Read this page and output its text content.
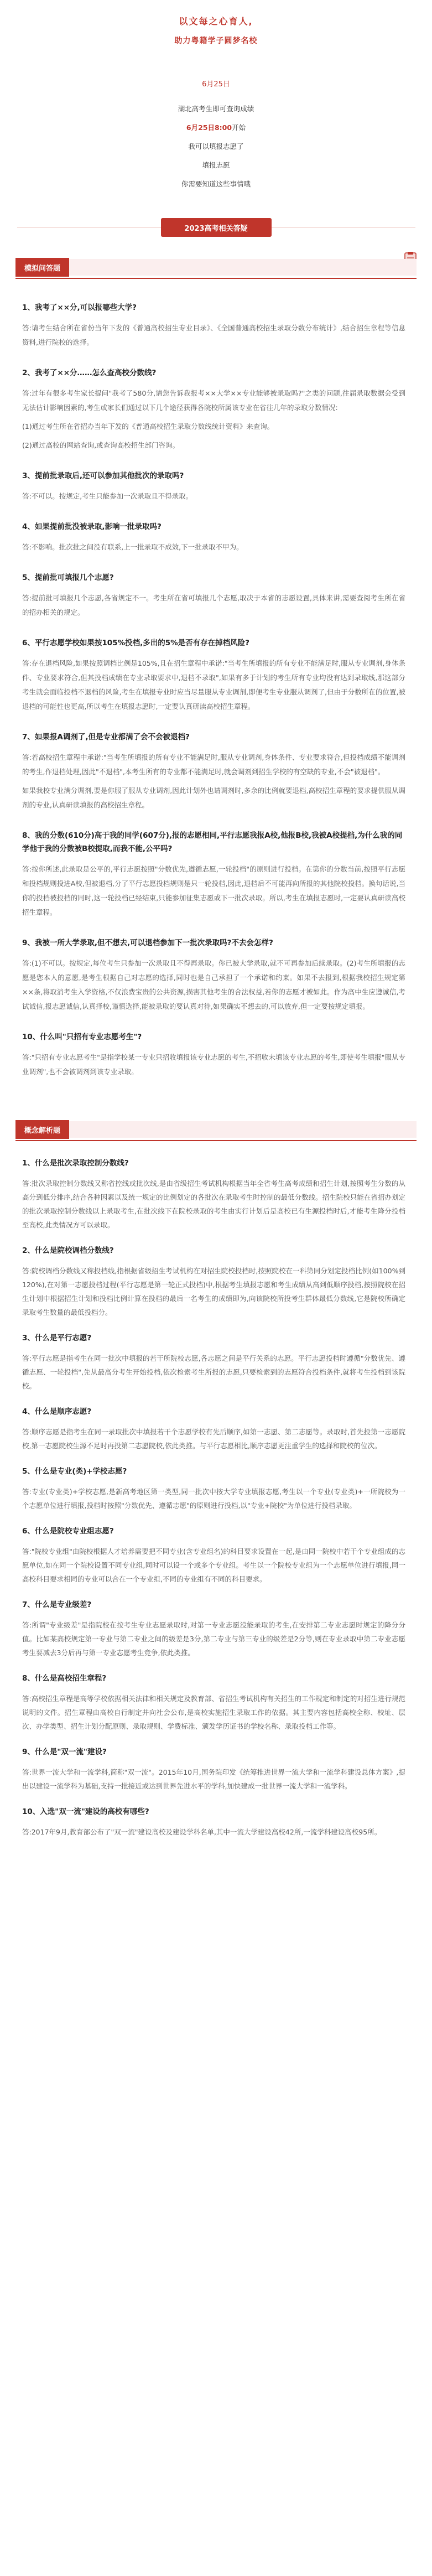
以文每之心育人,
助力粤籍学子圆梦名校
6月25日

湖北高考生即可查询成绩

6月25日8:00开始

我可以填报志愿了

填报志愿

你需要知道这些事情哦

2023高考相关答疑
模拟问答题
1、我考了××分,可以报哪些大学?
答:请考生结合所在省份当年下发的《普通高校招生专业目录》、《全国普通高校招生录取分数分布统计》,结合招生章程等信息资料,进行院校的选择。
2、我考了××分……怎么查高校分数线?
答:过年有很多考生家长提问"我考了580分,请您告诉我报考××大学××专业能够被录取吗?"之类的问题,往届录取数据会受到无法估计影响因素的,考生或家长们通过以下几个途径获得各院校所属该专业在省往几年的录取分数情况:
(1)通过考生所在省招办当年下发的《普通高校招生录取分数线统计资料》来查询。
(2)通过高校的网站查询,或查询高校招生部门咨询。
3、提前批录取后,还可以参加其他批次的录取吗?
答:不可以。按规定,考生只能参加一次录取且不得录取。
4、如果提前批没被录取,影响一批录取吗?
答:不影响。批次批之间没有联系,上一批录取不成效,下一批录取不甲为。
5、提前批可填报几个志愿?
答:提前批可填报几个志愿,各省规定不一。考生所在省可填报几个志愿,取决于本省的志愿设置,具体来讲,需要查阅考生所在省的招办相关的规定。
6、平行志愿学校如果按105%投档,多出的5%是否有存在掉档风险?
答:存在退档风险,如果按照调档比例是105%,且在招生章程中承诺:"当考生所填报的所有专业不能满足时,服从专业调剂,身体条件、专业要求符合,但其投档成绩在专业录取要求中,退档不录取",如果有多于计划的考生所有专业均没有达到录取线,那这部分考生就会面临投档不退档的风险,考生在填报专业时应当尽量服从专业调剂,即便考生专业服从调剂了,但由于分数所在的位置,被退档的可能性也更高,所以考生在填报志愿时,一定要认真研读高校招生章程。
7、如果报A调剂了,但是专业都满了会不会被退档?
答:若高校招生章程中承诺:"当考生所填报的所有专业不能满足时,服从专业调剂,身体条件、专业要求符合,但投档成绩不能调剂的考生,作退档处理,因此"不退档",本考生所有的专业都不能满足时,就会调剂到招生学校的有空缺的专业,不会"被退档"。
如果我校专业满分调剂,要是你服了服从专业调剂,因此计划外也请调剂时,多余的比例就要退档,高校招生章程的要求提供服从调剂的专业,认真研读填报的高校招生章程。
8、我的分数(610分)高于我的同学(607分),报的志愿相同,平行志愿我报A校,他报B校,我被A校提档,为什么我的同学他于我的分数被B校提取,而我不能,公平吗?
答:按你所述,此录取是公平的,平行志愿按照"分数优先,遵循志愿,一轮投档"的原则进行投档。在第你的分数当前,按照平行志愿和投档规则投进A校,但被退档,分了平行志愿投档规则是只一轮投档,因此,退档后不可能再向所报的其他院校投档。换句话说,当你的投档被投档的同时,这一轮投档已经结束,只能参加征集志愿或下一批次录取。所以,考生在填报志愿时,一定要认真研读高校招生章程。
9、我被一所大学录取,但不想去,可以退档参加下一批次录取吗?不去会怎样?
答:(1)不可以。按规定,每位考生只参加一次录取且不得再录取。你已被大学录取,就不可再参加后续录取。(2)考生所填报的志愿是您本人的意愿,是考生根据自己对志愿的选择,同时也是自己承担了一个承诺和约束。如果不去报到,根据我校招生规定第××条,将取消考生入学资格,不仅浪费宝贵的公共资源,损害其他考生的合法权益,若你的志愿才被如此。作为高中生应遵诚信,考试诚信,报志愿诚信,认真择校,谨慎选择,能被录取的要认真对待,如果确实不想去的,可以放弃,但一定要按规定填报。
10、什么叫"只招有专业志愿考生"?
答:"只招有专业志愿考生"是指学校某一专业只招收填报该专业志愿的考生,不招收未填该专业志愿的考生,即使考生填报"服从专业调剂",也不会被调剂到该专业录取。
概念解析题
1、什么是批次录取控制分数线?
答:批次录取控制分数线又称省控线或批次线,是由省级招生考试机构根据当年全省考生高考成绩和招生计划,按照考生分数的从高分到低分排序,结合各种因素以及统一规定的比例划定的各批次在录取考生时控制的最低分数线。招生院校只能在省招办划定的批次录取控制分数线以上录取考生,在批次线下在院校录取的考生由实行计划后是高校已有生源投档时后,才能考生降分投档至高校,此类情况方可以录取。
2、什么是院校调档分数线?
答:院校调档分数线又称投档线,指根据省级招生考试机构在对招生院校投档时,按照院校在一科第同分划定投档比例(如100%到120%),在对第一志愿投档过程(平行志愿是第一轮正式投档)中,根据考生填报志愿和考生成绩从高到低顺序投档,按照院校在招生计划中根据招生计划和投档比例计算在投档的最后一名考生的成绩即为,向该院校所投考生群体最低分数线,它是院校所确定录取考生数量的最低投档分。
3、什么是平行志愿?
答:平行志愿是指考生在同一批次中填报的若干所院校志愿,各志愿之间是平行关系的志愿。平行志愿投档时遵循"分数优先、遵循志愿、一轮投档",先从最高分考生开始投档,依次检索考生所报的志愿,只要检索到的志愿符合投档条件,就将考生投档到该院校。
4、什么是顺序志愿?
答:顺序志愿是指考生在同一录取批次中填报若干个志愿学校有先后顺序,如第一志愿、第二志愿等。录取时,首先投第一志愿院校,第一志愿院校生源不足时再投第二志愿院校,依此类推。与平行志愿相比,顺序志愿更注重学生的选择和院校的位次。
5、什么是专业(类)+学校志愿?
答:专业(专业类)+学校志愿,是新高考地区第一类型,同一批次中按大学专业填报志愿,考生以一个专业(专业类)+一所院校为一个志愿单位进行填报,投档时按照"分数优先、遵循志愿"的原则进行投档,以"专业+院校"为单位进行投档录取。
6、什么是院校专业组志愿?
答:"院校专业组"由院校根据人才培养需要把不同专业(含专业组名)的科目要求设置在一起,是由同一院校中若干个专业组成的志愿单位,如在同一个院校设置不同专业组,同时可以设一个或多个专业组。考生以一个院校专业组为一个志愿单位进行填报,同一高校科目要求相同的专业可以合在一个专业组,不同的专业组有不同的科目要求。
7、什么是专业级差?
答:所谓"专业级差"是指院校在按考生专业志愿录取时,对第一专业志愿没能录取的考生,在安排第二专业志愿时规定的降分分值。比如某高校规定第一专业与第二专业之间的级差是3分,第二专业与第三专业的级差是2分等,则在专业录取中第二专业志愿考生要减去3分后再与第一专业志愿考生竞争,依此类推。
8、什么是高校招生章程?
答:高校招生章程是高等学校依据相关法律和相关规定及教育部、省招生考试机构有关招生的工作规定和制定的对招生进行规范说明的文件。招生章程由高校自行制定并向社会公布,是高校实施招生录取工作的依据。其主要内容包括高校全称、校址、层次、办学类型、招生计划分配原则、录取规则、学费标准、颁发学历证书的学校名称、录取投档工作等。
9、什么是"双一流"建设?
答:世界一流大学和一流学科,简称"双一流"。2015年10月,国务院印发《统筹推进世界一流大学和一流学科建设总体方案》,提出以建设一流学科为基础,支持一批接近或达到世界先进水平的学科,加快建成一批世界一流大学和一流学科。
10、入选"双一流"建设的高校有哪些?
答:2017年9月,教育部公布了"双一流"建设高校及建设学科名单,其中一流大学建设高校42所,一流学科建设高校95所。
